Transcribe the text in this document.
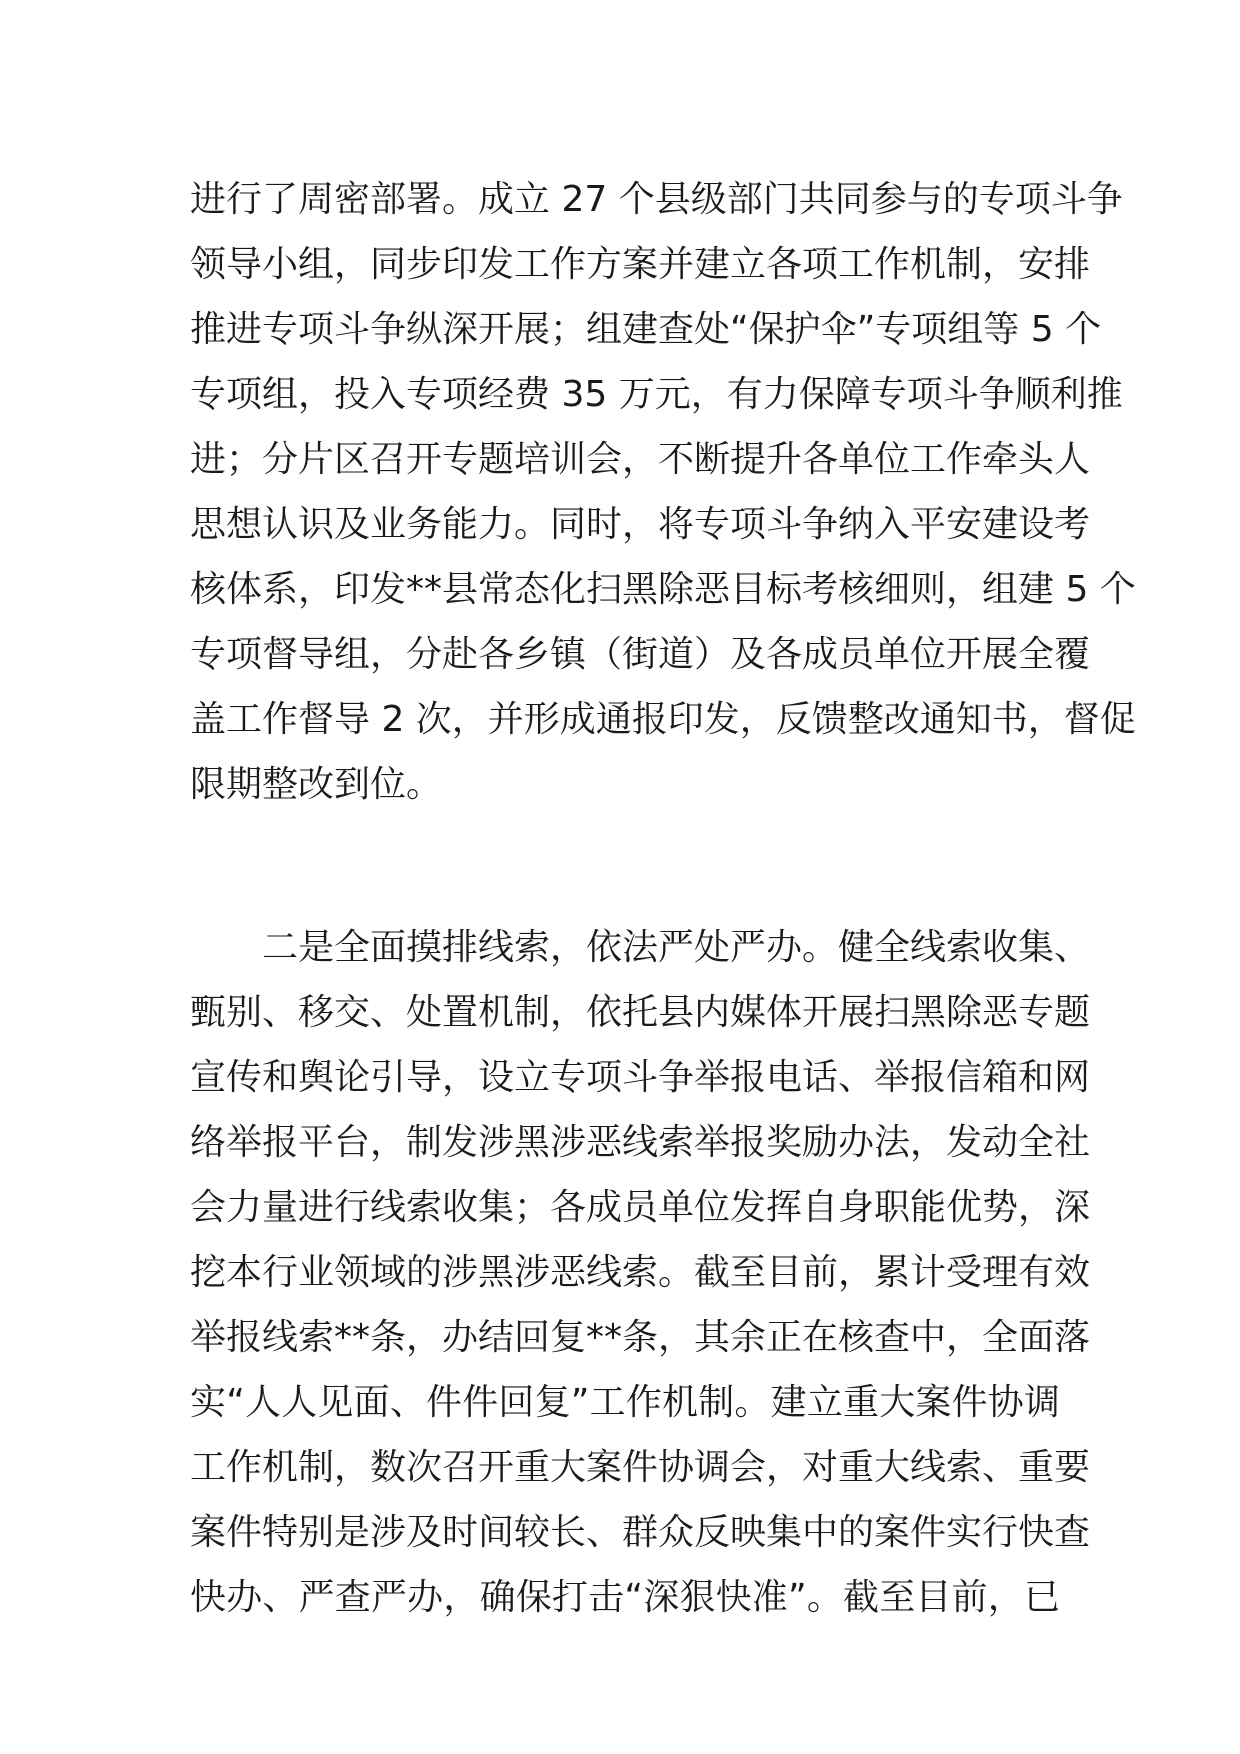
进行了周密部署。成立 27 个县级部门共同参与的专项斗争
领导小组，同步印发工作方案并建立各项工作机制，安排
推进专项斗争纵深开展；组建查处“保护伞”专项组等 5 个
专项组，投入专项经费 35 万元，有力保障专项斗争顺利推
进；分片区召开专题培训会，不断提升各单位工作牵头人
思想认识及业务能力。同时，将专项斗争纳入平安建设考
核体系，印发**县常态化扫黑除恶目标考核细则，组建 5 个
专项督导组，分赴各乡镇（街道）及各成员单位开展全覆
盖工作督导 2 次，并形成通报印发，反馈整改通知书，督促
限期整改到位。
　　二是全面摸排线索，依法严处严办。健全线索收集、
甄别、移交、处置机制，依托县内媒体开展扫黑除恶专题
宣传和舆论引导，设立专项斗争举报电话、举报信箱和网
络举报平台，制发涉黑涉恶线索举报奖励办法，发动全社
会力量进行线索收集；各成员单位发挥自身职能优势，深
挖本行业领域的涉黑涉恶线索。截至目前，累计受理有效
举报线索**条，办结回复**条，其余正在核查中，全面落
实“人人见面、件件回复”工作机制。建立重大案件协调
工作机制，数次召开重大案件协调会，对重大线索、重要
案件特别是涉及时间较长、群众反映集中的案件实行快查
快办、严查严办，确保打击“深狠快准”。截至目前，已
